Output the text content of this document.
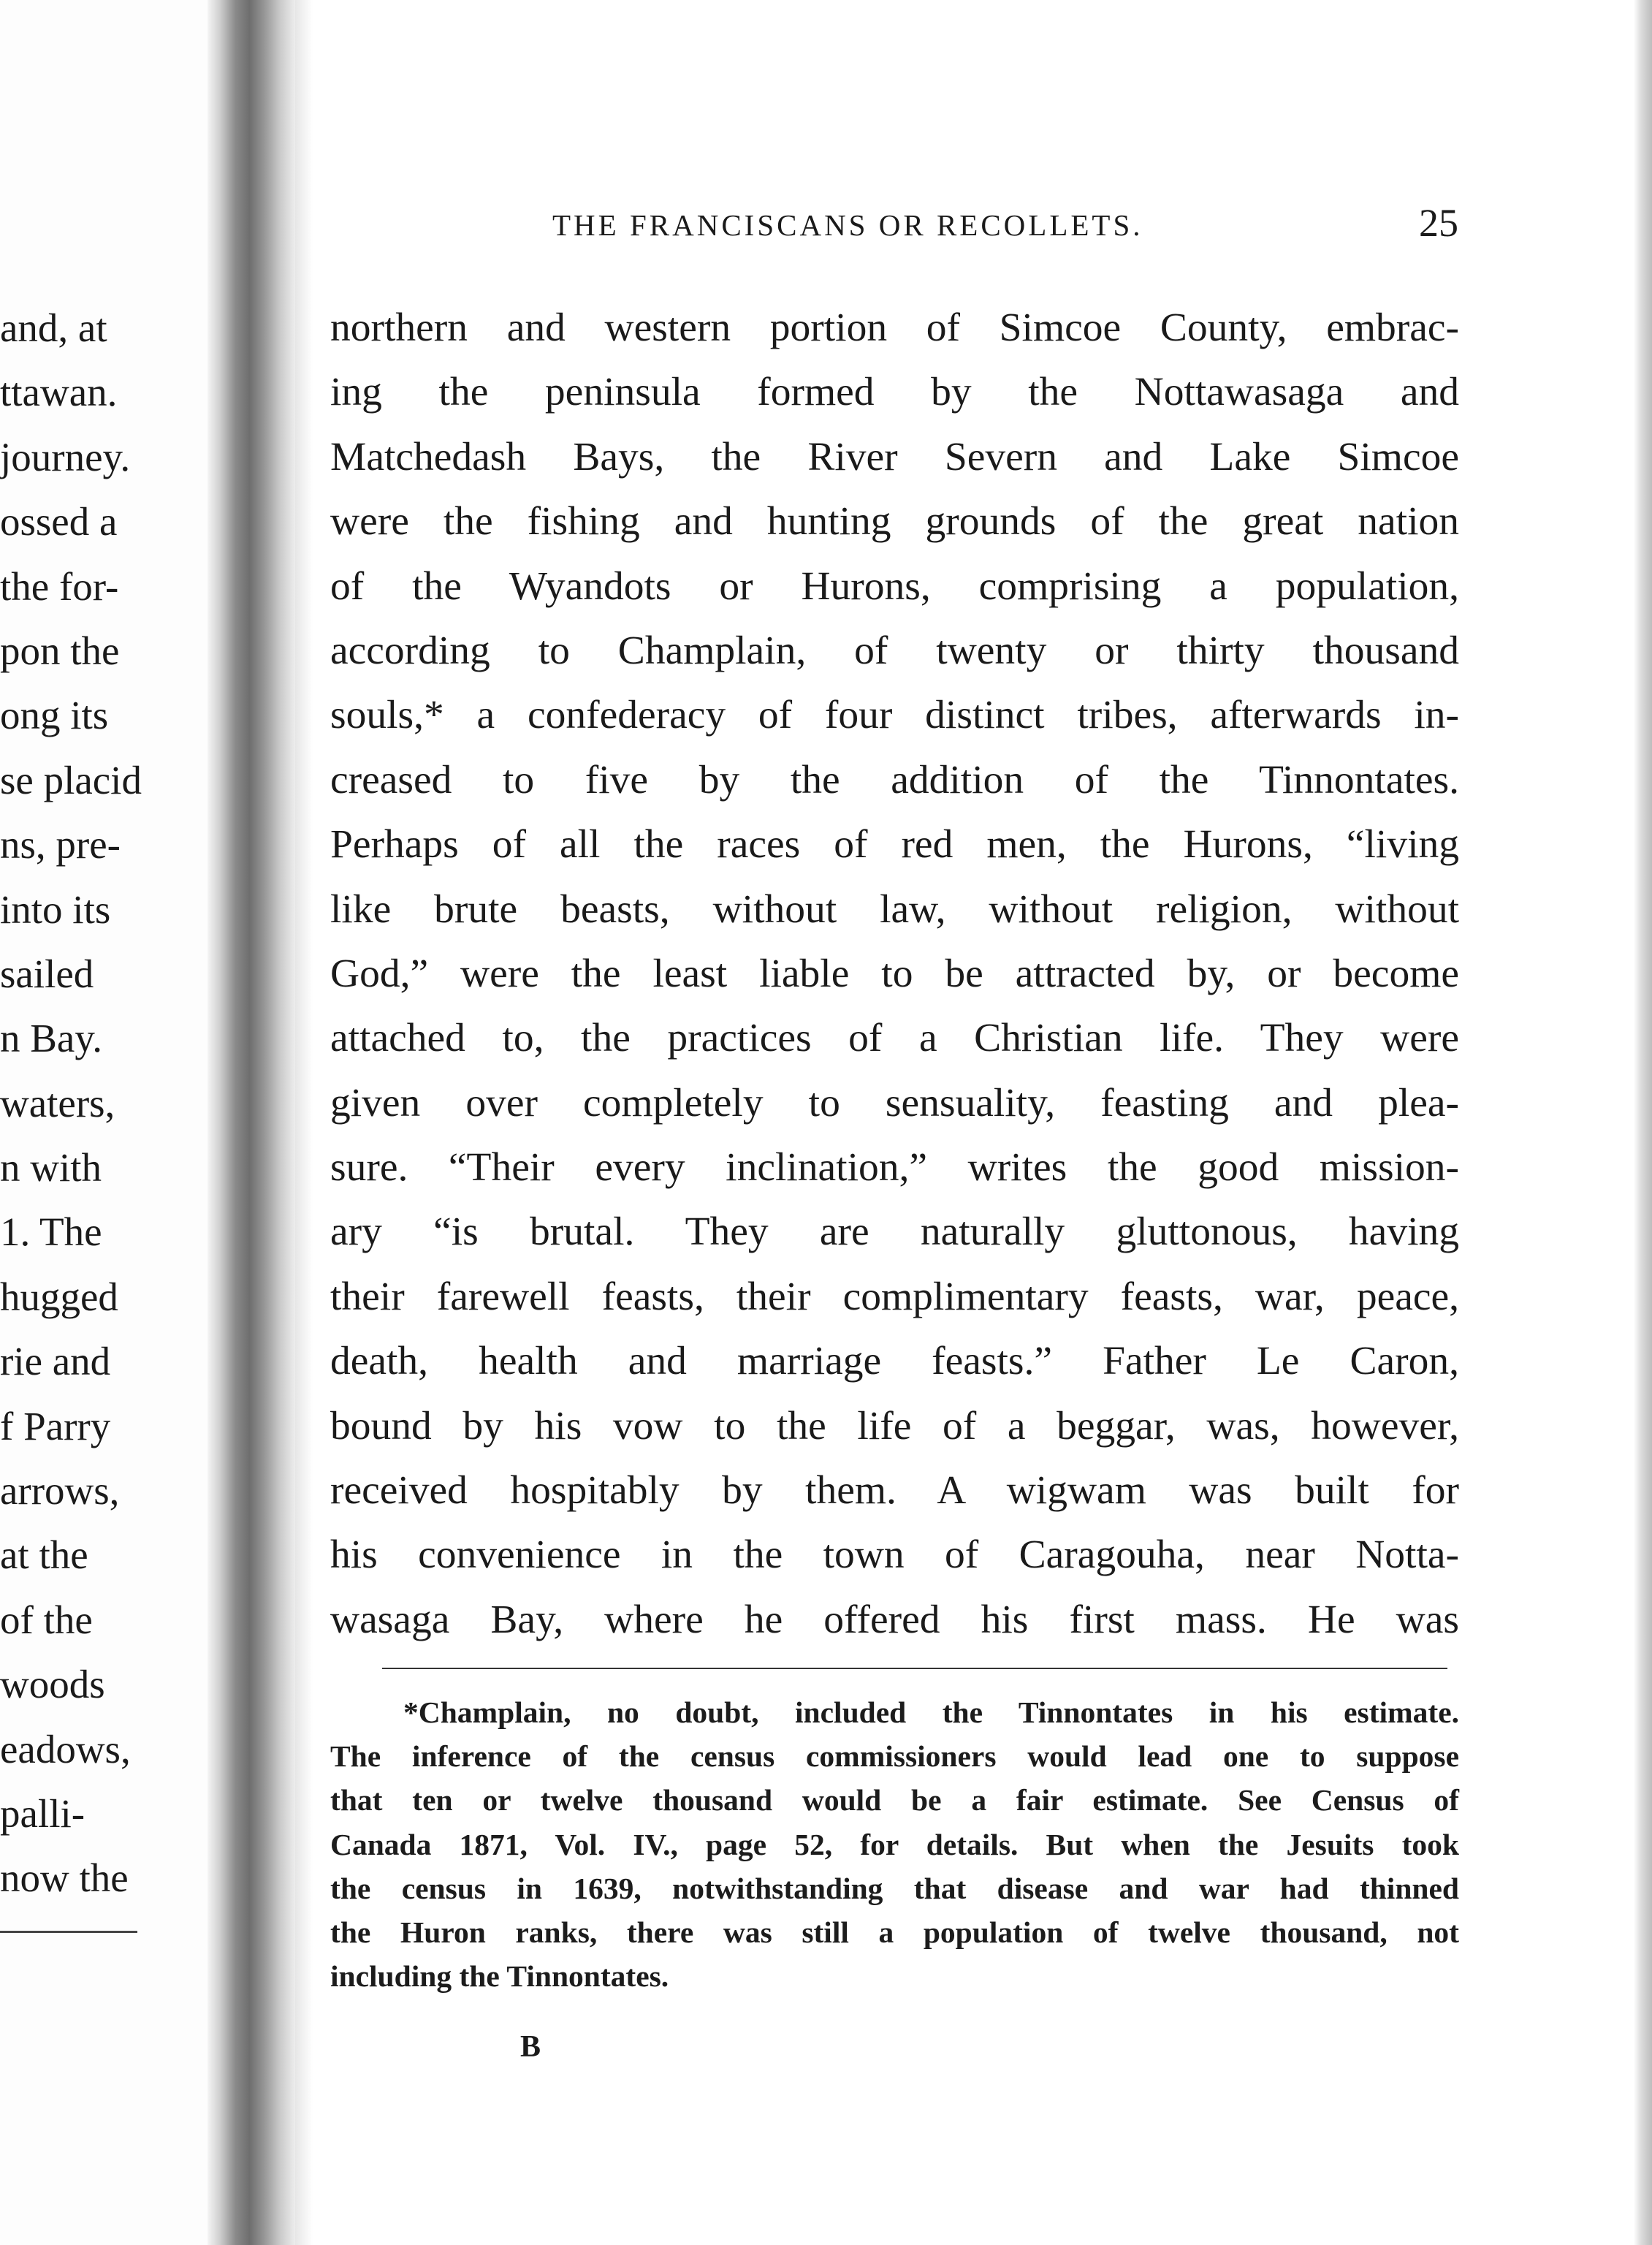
and, at
ttawan.
journey.
ossed a
the for-
pon the
ong its
se placid
ns, pre-
into its
sailed
n Bay.
waters,
n with
1. The
hugged
rie and
f Parry
arrows,
at the
of the
woods
eadows,
palli-
now the
THE FRANCISCANS OR RECOLLETS.	25
northern and western portion of Simcoe County, embrac-
ing the peninsula formed by the Nottawasaga and
Matchedash Bays, the River Severn and Lake Simcoe
were the fishing and hunting grounds of the great nation
of the Wyandots or Hurons, comprising a population,
according to Champlain, of twenty or thirty thousand
souls,* a confederacy of four distinct tribes, afterwards in-
creased to five by the addition of the Tinnontates.
Perhaps of all the races of red men, the Hurons, “living
like brute beasts, without law, without religion, without
God,” were the least liable to be attracted by, or become
attached to, the practices of a Christian life. They were
given over completely to sensuality, feasting and plea-
sure. “Their every inclination,” writes the good mission-
ary “is brutal. They are naturally gluttonous, having
their farewell feasts, their complimentary feasts, war, peace,
death, health and marriage feasts.” Father Le Caron,
bound by his vow to the life of a beggar, was, however,
received hospitably by them. A wigwam was built for
his convenience in the town of Caragouha, near Notta-
wasaga Bay, where he offered his first mass. He was
*Champlain, no doubt, included the Tinnontates in his estimate.
The inference of the census commissioners would lead one to suppose
that ten or twelve thousand would be a fair estimate. See Census of
Canada 1871, Vol. IV., page 52, for details. But when the Jesuits took
the census in 1639, notwithstanding that disease and war had thinned
the Huron ranks, there was still a population of twelve thousand, not
including the Tinnontates.
B
